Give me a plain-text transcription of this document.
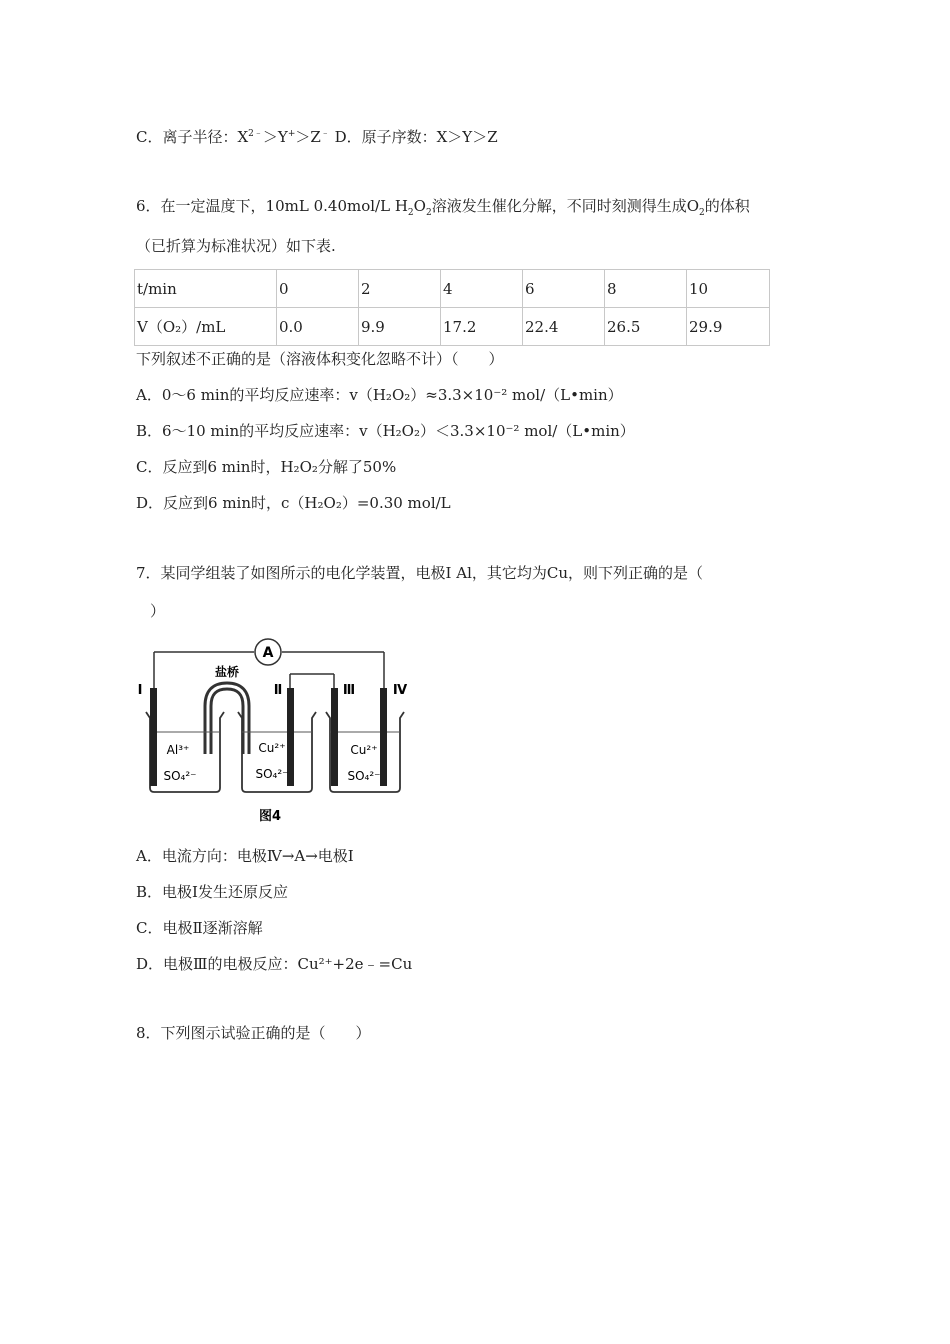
C．离子半径：$X^{2﹣}>Y^+>Z^﹣$ D．原子序数：X＞Y＞Z
6．在一定温度下，10mL 0.40mol/L $H_2O_2$溶液发生催化分解，不同时刻测得生成$O_2$的体积
（已折算为标准状况）如下表.
t/min	0	2	4	6	8	10
V（O₂）/mL	0.0	9.9	17.2	22.4	26.5	29.9
下列叙述不正确的是（溶液体积变化忽略不计）（　　）
A．0～6 min的平均反应速率：v（H₂O₂）≈3.3×10⁻² mol/（L•min）
B．6～10 min的平均反应速率：v（H₂O₂）＜3.3×10⁻² mol/（L•min）
C．反应到6 min时，H₂O₂分解了50%
D．反应到6 min时，c（H₂O₂）=0.30 mol/L
7．某同学组装了如图所示的电化学装置，电极Ⅰ Al，其它均为Cu，则下列正确的是（
）
A
盐桥
Ⅰ	Ⅱ	Ⅲ	Ⅳ
Al³⁺
SO₄²⁻
Cu²⁺
SO₄²⁻
Cu²⁺
SO₄²⁻
图4
A．电流方向：电极Ⅳ→A→电极Ⅰ
B．电极Ⅰ发生还原反应
C．电极Ⅱ逐渐溶解
D．电极Ⅲ的电极反应：Cu²⁺+2e﹣=Cu
8．下列图示试验正确的是（　　）
